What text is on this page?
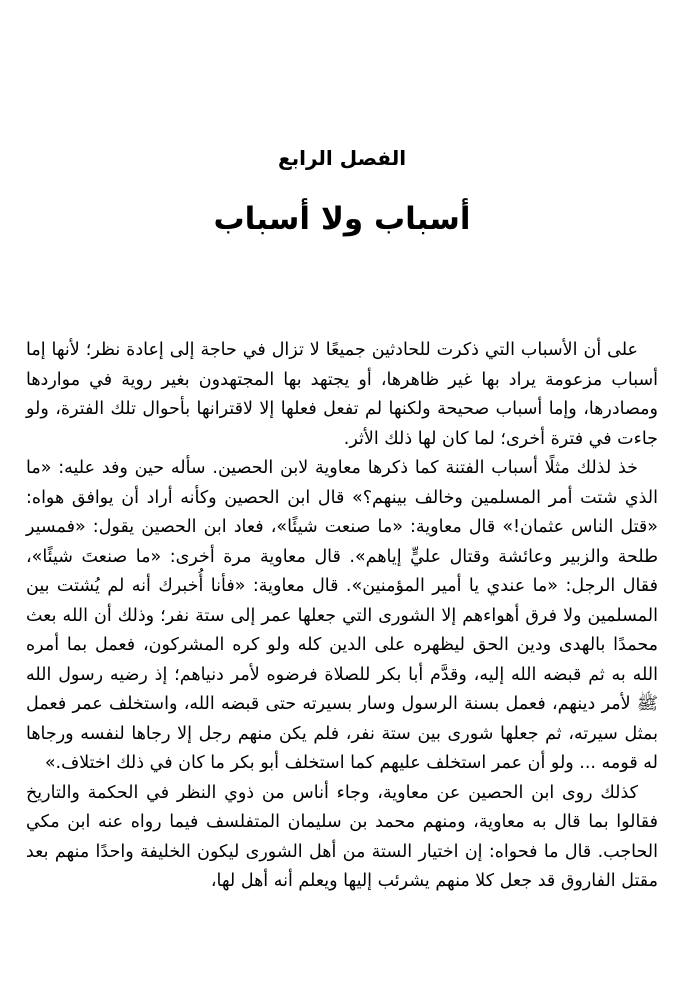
الفصل الرابع
أسباب ولا أسباب

على أن الأسباب التي ذكرت للحادثين جميعًا لا تزال في حاجة إلى إعادة نظر؛ لأنها إما أسباب مزعومة يراد بها غير ظاهرها، أو يجتهد بها المجتهدون بغير روية في مواردها ومصادرها، وإما أسباب صحيحة ولكنها لم تفعل فعلها إلا لاقترانها بأحوال تلك الفترة، ولو جاءت في فترة أخرى؛ لما كان لها ذلك الأثر.

خذ لذلك مثلًا أسباب الفتنة كما ذكرها معاوية لابن الحصين. سأله حين وفد عليه: «ما الذي شتت أمر المسلمين وخالف بينهم؟» قال ابن الحصين وكأنه أراد أن يوافق هواه: «قتل الناس عثمان!» قال معاوية: «ما صنعت شيئًا»، فعاد ابن الحصين يقول: «فمسير طلحة والزبير وعائشة وقتال عليٍّ إياهم». قال معاوية مرة أخرى: «ما صنعتَ شيئًا»، فقال الرجل: «ما عندي يا أمير المؤمنين». قال معاوية: «فأنا أُخبرك أنه لم يُشتت بين المسلمين ولا فرق أهواءهم إلا الشورى التي جعلها عمر إلى ستة نفر؛ وذلك أن الله بعث محمدًا بالهدى ودين الحق ليظهره على الدين كله ولو كره المشركون، فعمل بما أمره الله به ثم قبضه الله إليه، وقدَّم أبا بكر للصلاة فرضوه لأمر دنياهم؛ إذ رضيه رسول الله ﷺ لأمر دينهم، فعمل بسنة الرسول وسار بسيرته حتى قبضه الله، واستخلف عمر فعمل بمثل سيرته، ثم جعلها شورى بين ستة نفر، فلم يكن منهم رجل إلا رجاها لنفسه ورجاها له قومه ... ولو أن عمر استخلف عليهم كما استخلف أبو بكر ما كان في ذلك اختلاف.»

كذلك روى ابن الحصين عن معاوية، وجاء أناس من ذوي النظر في الحكمة والتاريخ فقالوا بما قال به معاوية، ومنهم محمد بن سليمان المتفلسف فيما رواه عنه ابن مكي الحاجب. قال ما فحواه: إن اختيار الستة من أهل الشورى ليكون الخليفة واحدًا منهم بعد مقتل الفاروق قد جعل كلا منهم يشرئب إليها ويعلم أنه أهل لها،
